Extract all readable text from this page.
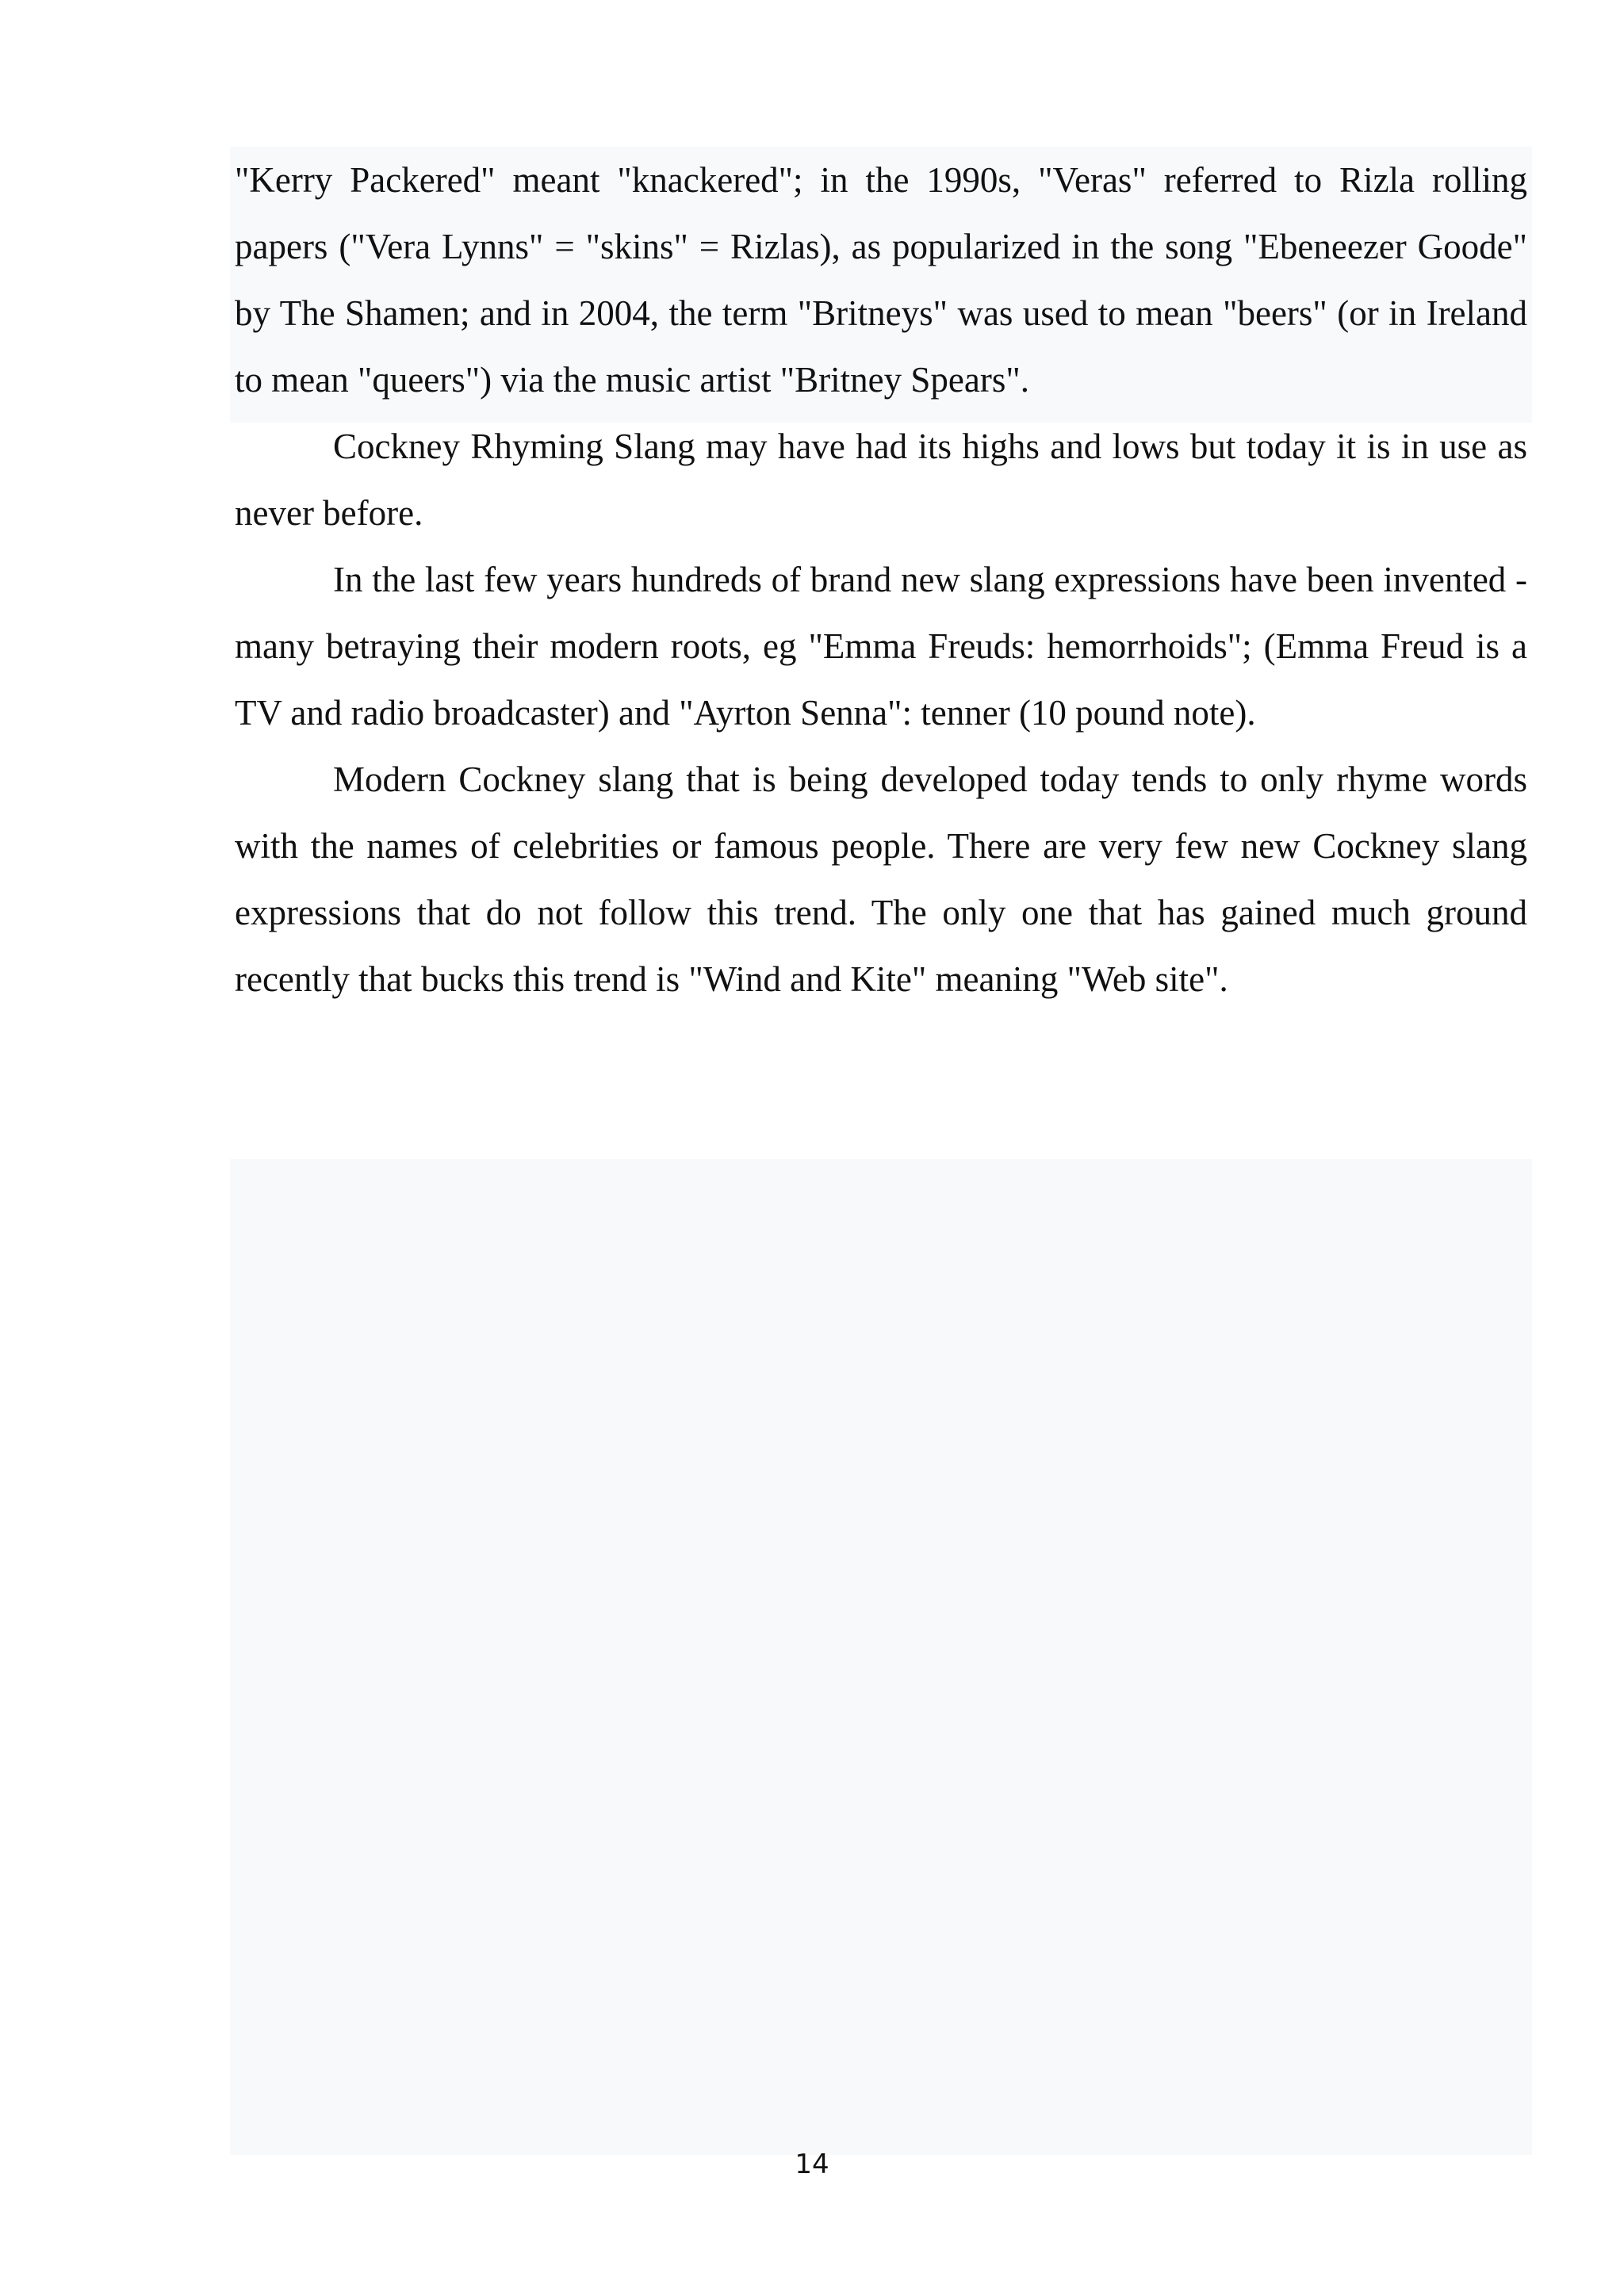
"Kerry Packered" meant "knackered"; in the 1990s, "Veras" referred to Rizla rolling papers ("Vera Lynns" = "skins" = Rizlas), as popularized in the song "Ebeneezer Goode" by The Shamen; and in 2004, the term "Britneys" was used to mean "beers" (or in Ireland to mean "queers") via the music artist "Britney Spears".

Cockney Rhyming Slang may have had its highs and lows but today it is in use as never before.

In the last few years hundreds of brand new slang expressions have been invented - many betraying their modern roots, eg "Emma Freuds: hemorrhoids"; (Emma Freud is a TV and radio broadcaster) and "Ayrton Senna": tenner (10 pound note).

Modern Cockney slang that is being developed today tends to only rhyme words with the names of celebrities or famous people. There are very few new Cockney slang expressions that do not follow this trend. The only one that has gained much ground recently that bucks this trend is "Wind and Kite" meaning "Web site".

14
